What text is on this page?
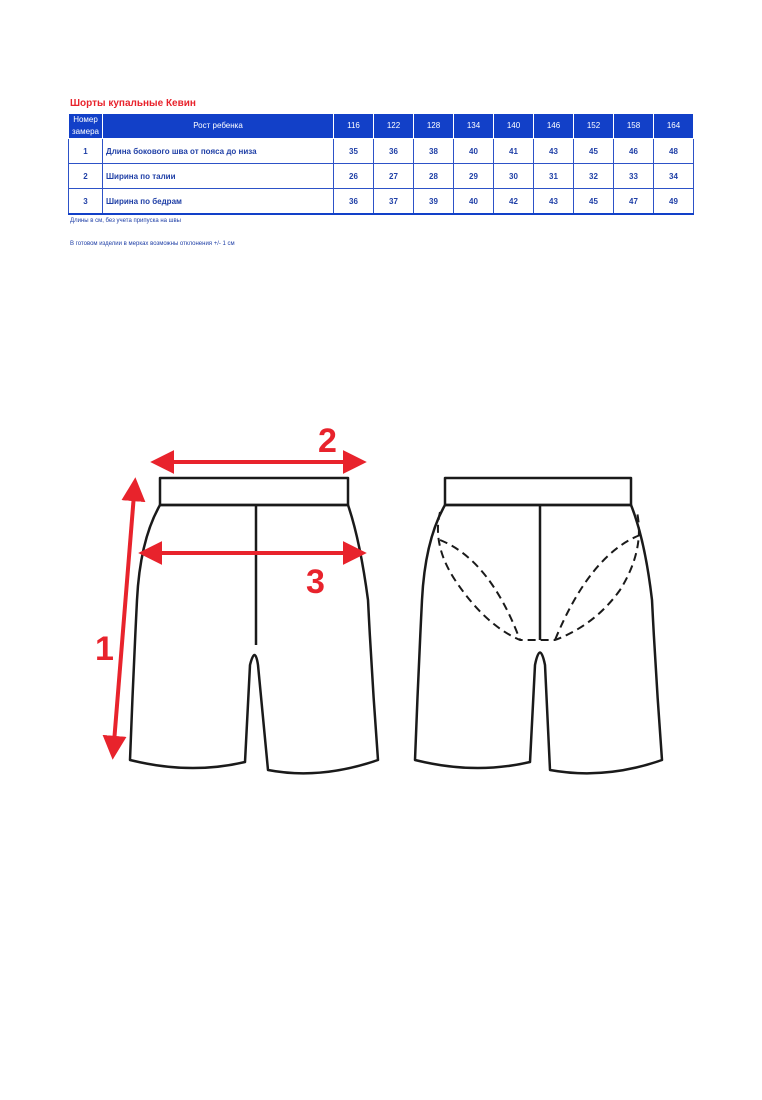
Шорты купальные Кевин
Номер
замера	Рост ребенка	116	122	128	134	140	146	152	158	164
1	Длина бокового шва от пояса до низа	35	36	38	40	41	43	45	46	48
2	Ширина по талии	26	27	28	29	30	31	32	33	34
3	Ширина по бедрам	36	37	39	40	42	43	45	47	49
Длины в см, без учета припуска на швы
В готовом изделии в мерках возможны отклонения +/- 1 см
1
2
3
